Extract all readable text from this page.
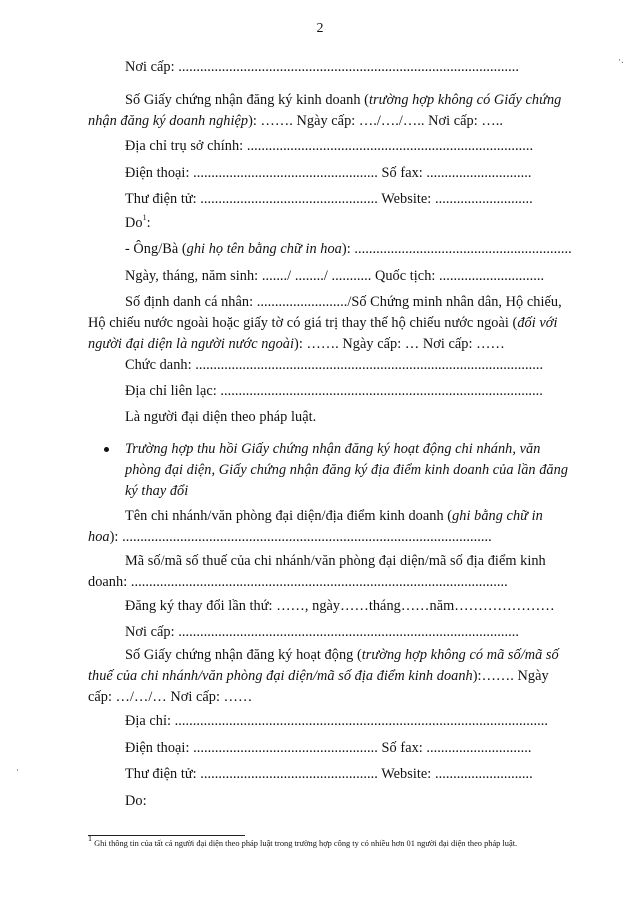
2
·.
·
Nơi cấp: ..............................................................................................
Số Giấy chứng nhận đăng ký kinh doanh (trường hợp không có Giấy chứng
nhận đăng ký doanh nghiệp): ……. Ngày cấp: …./…./….. Nơi cấp: …..
Địa chỉ trụ sở chính: ...............................................................................
Điện thoại: ................................................... Số fax: .............................
Thư điện tử: ................................................. Website: ...........................
Do$^1$:
- Ông/Bà (ghi họ tên bằng chữ in hoa): ............................................................
Ngày, tháng, năm sinh: ......./ ......../ ........... Quốc tịch: .............................
Số định danh cá nhân: ........................./Số Chứng minh nhân dân, Hộ chiếu,
Hộ chiếu nước ngoài hoặc giấy tờ có giá trị thay thế hộ chiếu nước ngoài (đối với
người đại diện là người nước ngoài): ……. Ngày cấp: … Nơi cấp: ……
Chức danh: ................................................................................................
Địa chỉ liên lạc: .........................................................................................
Là người đại diện theo pháp luật.
Trường hợp thu hồi Giấy chứng nhận đăng ký hoạt động chi nhánh, văn
phòng đại diện, Giấy chứng nhận đăng ký địa điểm kinh doanh của lần đăng
ký thay đổi
Tên chi nhánh/văn phòng đại diện/địa điểm kinh doanh (ghi bằng chữ in
hoa): ......................................................................................................
Mã số/mã số thuế của chi nhánh/văn phòng đại diện/mã số địa điểm kinh
doanh: ........................................................................................................
Đăng ký thay đổi lần thứ: ……, ngày……tháng……năm…………………
Nơi cấp: ..............................................................................................
Số Giấy chứng nhận đăng ký hoạt động (trường hợp không có mã số/mã số
thuế của chi nhánh/văn phòng đại diện/mã số địa điểm kinh doanh):……. Ngày
cấp: …/…/… Nơi cấp: ……
Địa chỉ: .......................................................................................................
Điện thoại: ................................................... Số fax: .............................
Thư điện tử: ................................................. Website: ...........................
Do:
$^1$ Ghi thông tin của tất cả người đại diện theo pháp luật trong trường hợp công ty có nhiều hơn 01 người đại diện theo pháp luật.
